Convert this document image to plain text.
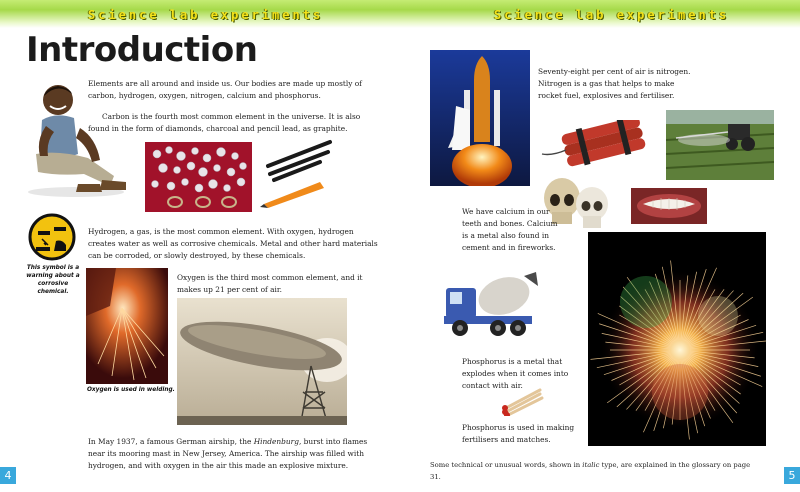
Science lab experiments	Science lab experiments
Introduction

Elements are all around and inside us. Our bodies are made up mostly of carbon, hydrogen, oxygen, nitrogen, calcium and phosphorus.

Carbon is the fourth most common element in the universe. It is also found in the form of diamonds, charcoal and pencil lead, as graphite.

This symbol is a warning about a corrosive chemical.

Hydrogen, a gas, is the most common element. With oxygen, hydrogen creates water as well as corrosive chemicals. Metal and other hard materials can be corroded, or slowly destroyed, by these chemicals.

Oxygen is used in welding.

Oxygen is the third most common element, and it makes up 21 per cent of air.

In May 1937, a famous German airship, the Hindenburg, burst into flames near its mooring mast in New Jersey, America. The airship was filled with hydrogen, and with oxygen in the air this made an explosive mixture.

4

Seventy-eight per cent of air is nitrogen. Nitrogen is a gas that helps to make rocket fuel, explosives and fertiliser.

We have calcium in our teeth and bones. Calcium is a metal also found in cement and in fireworks.

Phosphorus is a metal that explodes when it comes into contact with air.

Phosphorus is used in making fertilisers and matches.

Some technical or unusual words, shown in italic type, are explained in the glossary on page 31.	5
